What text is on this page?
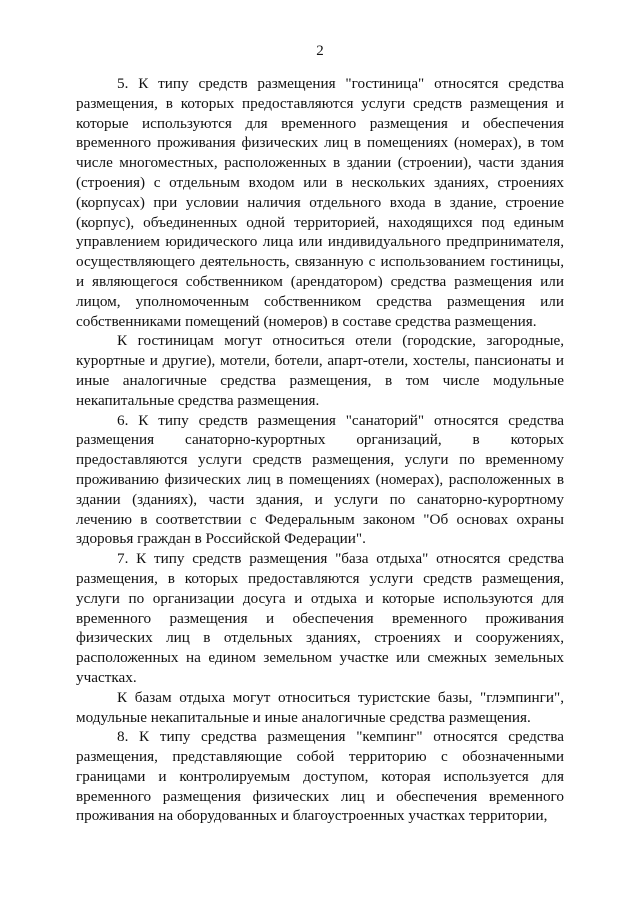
2

5. К типу средств размещения "гостиница" относятся средства размещения, в которых предоставляются услуги средств размещения и которые используются для временного размещения и обеспечения временного проживания физических лиц в помещениях (номерах), в том числе многоместных, расположенных в здании (строении), части здания (строения) с отдельным входом или в нескольких зданиях, строениях (корпусах) при условии наличия отдельного входа в здание, строение (корпус), объединенных одной территорией, находящихся под единым управлением юридического лица или индивидуального предпринимателя, осуществляющего деятельность, связанную с использованием гостиницы, и являющегося собственником (арендатором) средства размещения или лицом, уполномоченным собственником средства размещения или собственниками помещений (номеров) в составе средства размещения.

К гостиницам могут относиться отели (городские, загородные, курортные и другие), мотели, ботели, апарт-отели, хостелы, пансионаты и иные аналогичные средства размещения, в том числе модульные некапитальные средства размещения.

6. К типу средств размещения "санаторий" относятся средства размещения санаторно-курортных организаций, в которых предоставляются услуги средств размещения, услуги по временному проживанию физических лиц в помещениях (номерах), расположенных в здании (зданиях), части здания, и услуги по санаторно-курортному лечению в соответствии с Федеральным законом "Об основах охраны здоровья граждан в Российской Федерации".

7. К типу средств размещения "база отдыха" относятся средства размещения, в которых предоставляются услуги средств размещения, услуги по организации досуга и отдыха и которые используются для временного размещения и обеспечения временного проживания физических лиц в отдельных зданиях, строениях и сооружениях, расположенных на едином земельном участке или смежных земельных участках.

К базам отдыха могут относиться туристские базы, "глэмпинги", модульные некапитальные и иные аналогичные средства размещения.

8. К типу средства размещения "кемпинг" относятся средства размещения, представляющие собой территорию с обозначенными границами и контролируемым доступом, которая используется для временного размещения физических лиц и обеспечения временного проживания на оборудованных и благоустроенных участках территории,
